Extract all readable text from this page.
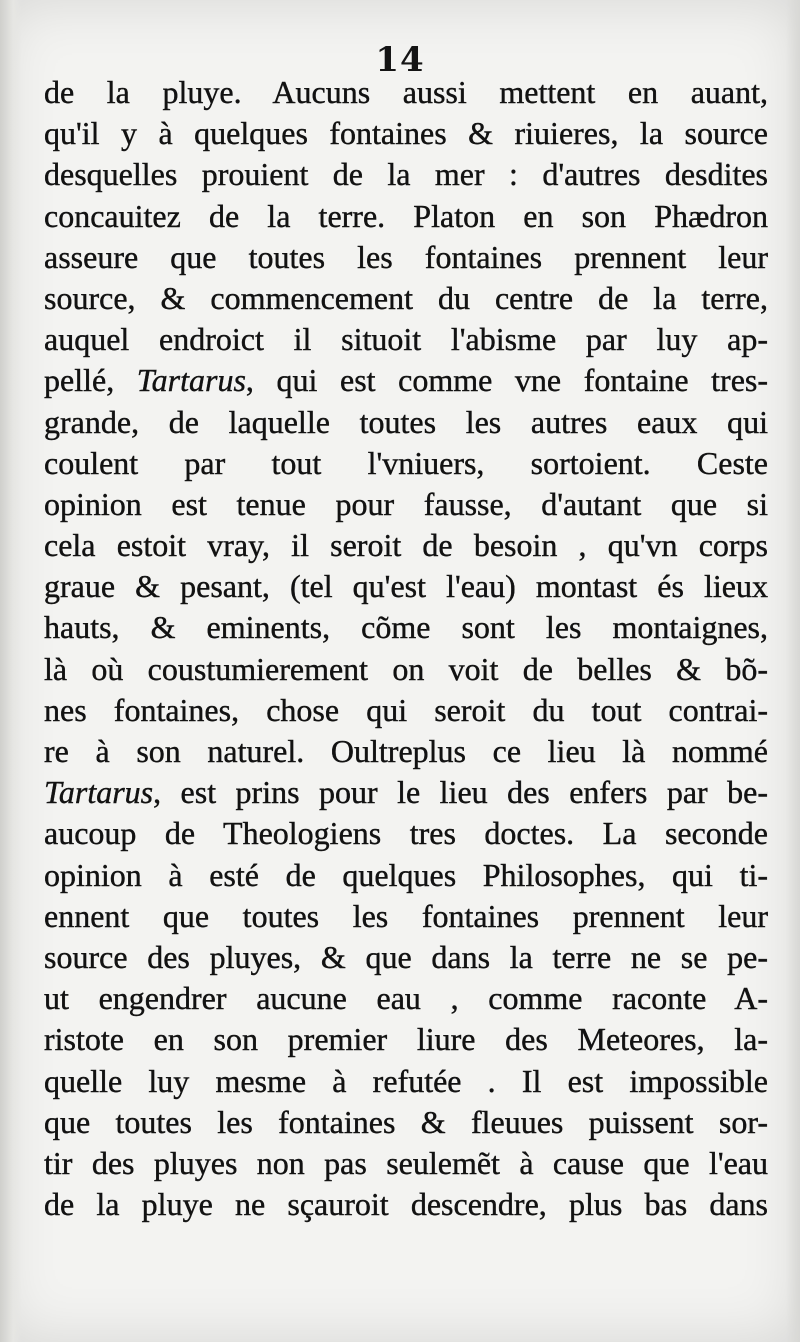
14
de la pluye. Aucuns aussi mettent en auant,
qu'il y à quelques fontaines & riuieres, la source
desquelles prouient de la mer : d'autres desdites
concauitez de la terre. Platon en son Phædron
asseure que toutes les fontaines prennent leur
source, & commencement du centre de la terre,
auquel endroict il situoit l'abisme par luy ap-
pellé, Tartarus, qui est comme vne fontaine tres-
grande, de laquelle toutes les autres eaux qui
coulent par tout l'vniuers, sortoient. Ceste
opinion est tenue pour fausse, d'autant que si
cela estoit vray, il seroit de besoin , qu'vn corps
graue & pesant, (tel qu'est l'eau) montast és lieux
hauts, & eminents, cõme sont les montaignes,
là où coustumierement on voit de belles & bõ-
nes fontaines, chose qui seroit du tout contrai-
re à son naturel. Oultreplus ce lieu là nommé
Tartarus, est prins pour le lieu des enfers par be-
aucoup de Theologiens tres doctes. La seconde
opinion à esté de quelques Philosophes, qui ti-
ennent que toutes les fontaines prennent leur
source des pluyes, & que dans la terre ne se pe-
ut engendrer aucune eau , comme raconte A-
ristote en son premier liure des Meteores, la-
quelle luy mesme à refutée . Il est impossible
que toutes les fontaines & fleuues puissent sor-
tir des pluyes non pas seulemẽt à cause que l'eau
de la pluye ne sçauroit descendre, plus bas dans
